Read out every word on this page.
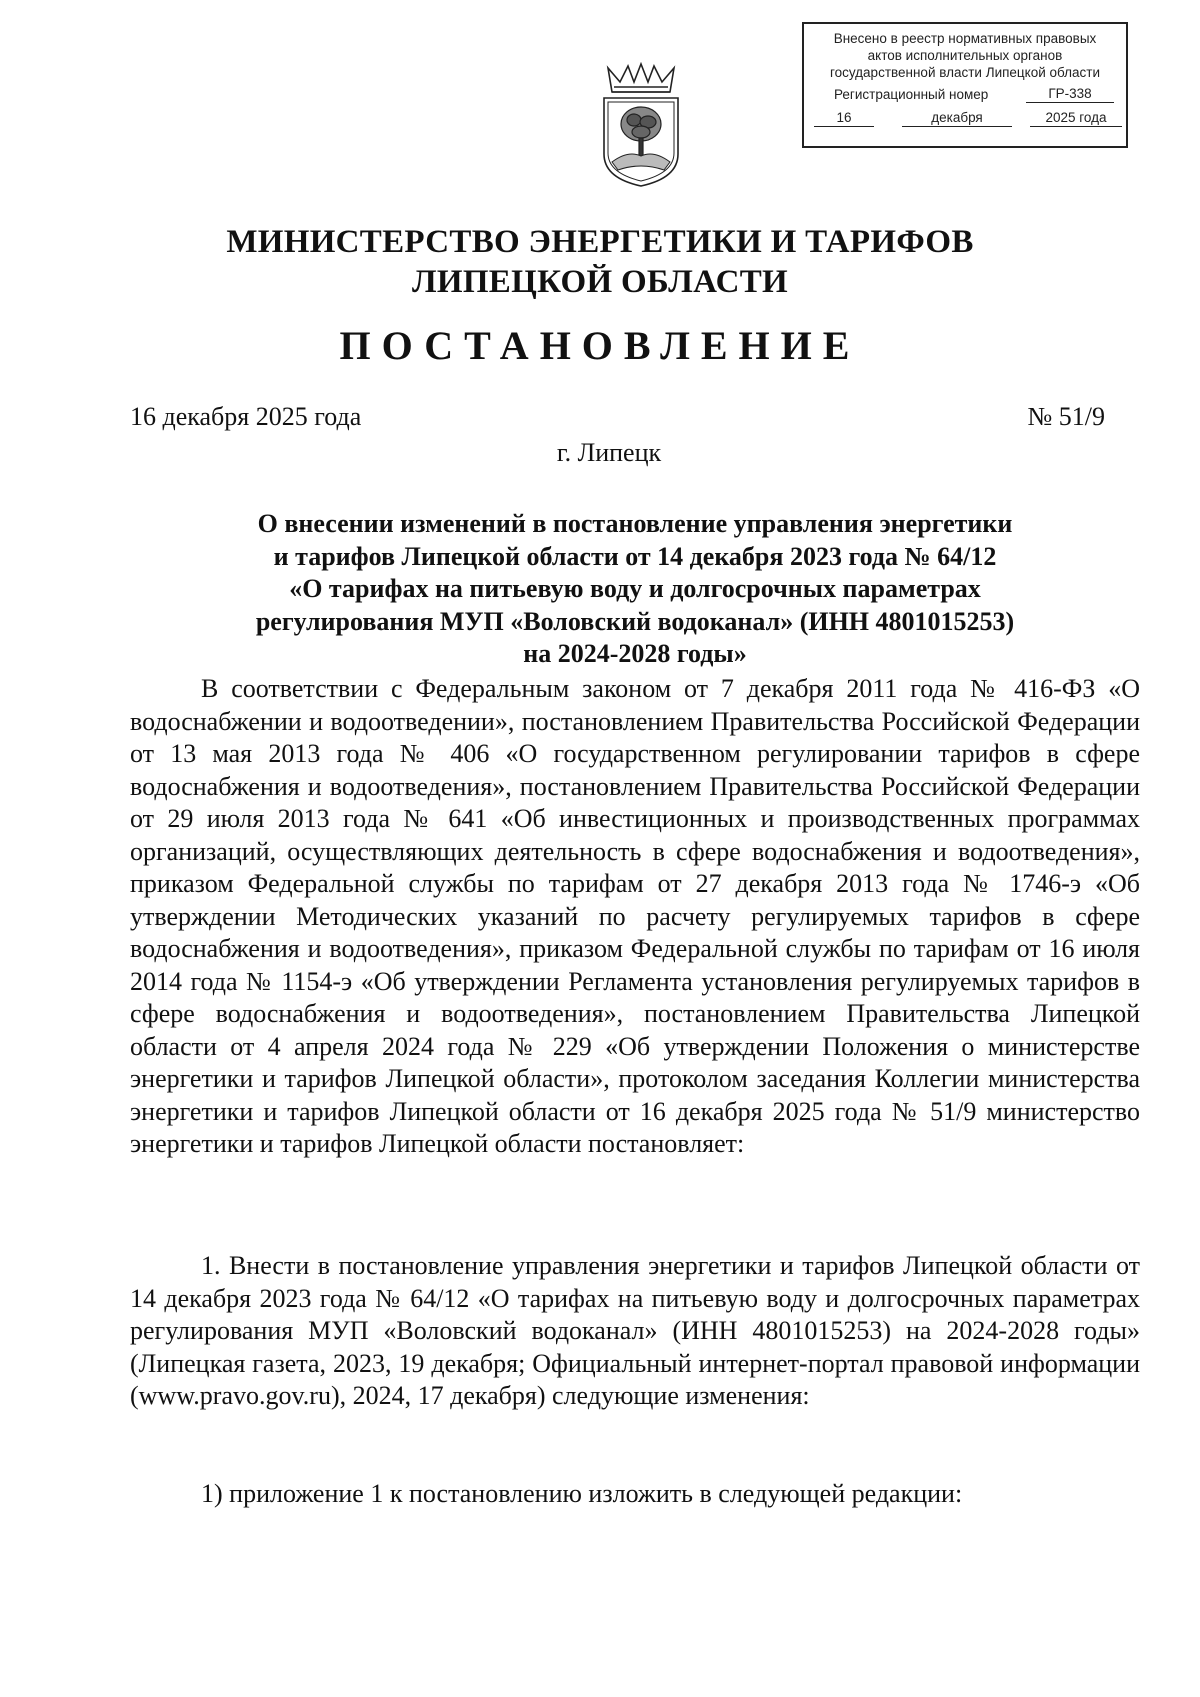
Внесено в реестр нормативных правовых
актов исполнительных органов
государственной власти Липецкой области
Регистрационный номер	ГР-338
16	декабря	2025 года
МИНИСТЕРСТВО ЭНЕРГЕТИКИ И ТАРИФОВ
ЛИПЕЦКОЙ ОБЛАСТИ
ПОСТАНОВЛЕНИЕ
16 декабря 2025 года	№ 51/9
г. Липецк
О внесении изменений в постановление управления энергетики
и тарифов Липецкой области от 14 декабря 2023 года № 64/12
«О тарифах на питьевую воду и долгосрочных параметрах
регулирования МУП «Воловский водоканал» (ИНН 4801015253)
на 2024-2028 годы»

В соответствии с Федеральным законом от 7 декабря 2011 года № 416-ФЗ «О водоснабжении и водоотведении», постановлением Правительства Российской Федерации от 13 мая 2013 года № 406 «О государственном регулировании тарифов в сфере водоснабжения и водоотведения», постановлением Правительства Российской Федерации от 29 июля 2013 года № 641 «Об инвестиционных и производственных программах организаций, осуществляющих деятельность в сфере водоснабжения и водоотведения», приказом Федеральной службы по тарифам от 27 декабря 2013 года № 1746-э «Об утверждении Методических указаний по расчету регулируемых тарифов в сфере водоснабжения и водоотведения», приказом Федеральной службы по тарифам от 16 июля 2014 года № 1154-э «Об утверждении Регламента установления регулируемых тарифов в сфере водоснабжения и водоотведения», постановлением Правительства Липецкой области от 4 апреля 2024 года № 229 «Об утверждении Положения о министерстве энергетики и тарифов Липецкой области», протоколом заседания Коллегии министерства энергетики и тарифов Липецкой области от 16 декабря 2025 года № 51/9 министерство энергетики и тарифов Липецкой области постановляет:

1. Внести в постановление управления энергетики и тарифов Липецкой области от 14 декабря 2023 года № 64/12 «О тарифах на питьевую воду и долгосрочных параметрах регулирования МУП «Воловский водоканал» (ИНН 4801015253) на 2024-2028 годы» (Липецкая газета, 2023, 19 декабря; Официальный интернет-портал правовой информации (www.pravo.gov.ru), 2024, 17 декабря) следующие изменения:

1) приложение 1 к постановлению изложить в следующей редакции:
